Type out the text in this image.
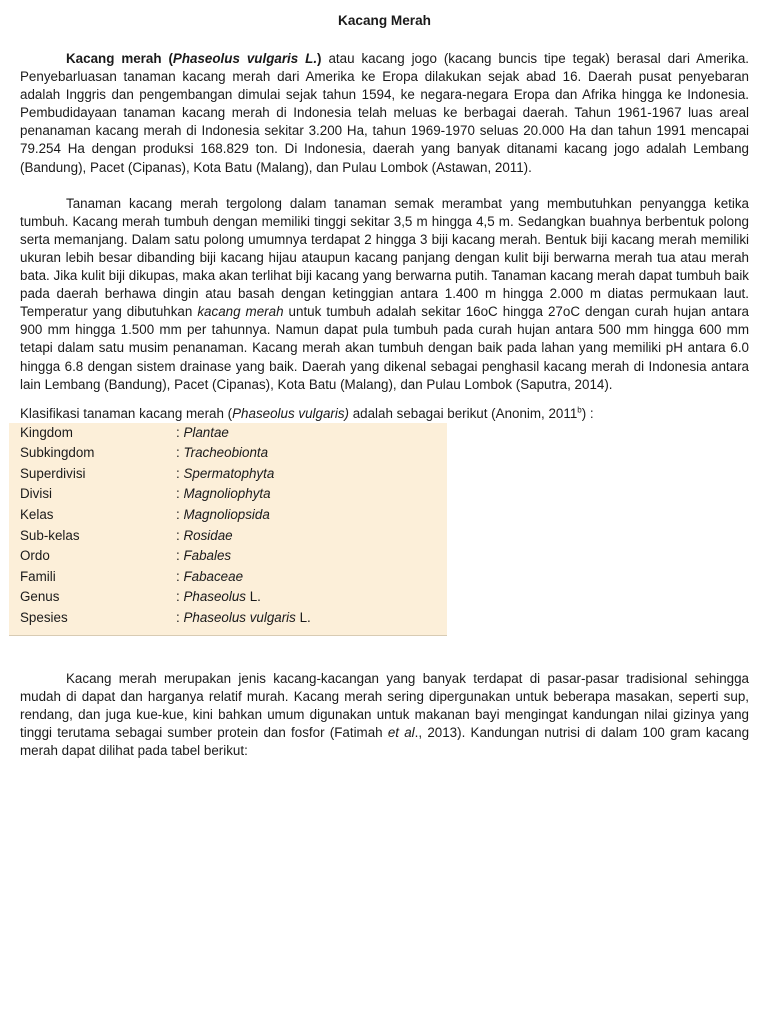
Kacang Merah

Kacang merah (Phaseolus vulgaris L.) atau kacang jogo (kacang buncis tipe tegak) berasal dari Amerika. Penyebarluasan tanaman kacang merah dari Amerika ke Eropa dilakukan sejak abad 16. Daerah pusat penyebaran adalah Inggris dan pengembangan dimulai sejak tahun 1594, ke negara-negara Eropa dan Afrika hingga ke Indonesia. Pembudidayaan tanaman kacang merah di Indonesia telah meluas ke berbagai daerah. Tahun 1961-1967 luas areal penanaman kacang merah di Indonesia sekitar 3.200 Ha, tahun 1969-1970 seluas 20.000 Ha dan tahun 1991 mencapai 79.254 Ha dengan produksi 168.829 ton. Di Indonesia, daerah yang banyak ditanami kacang jogo adalah Lembang (Bandung), Pacet (Cipanas), Kota Batu (Malang), dan Pulau Lombok (Astawan, 2011).

Tanaman kacang merah tergolong dalam tanaman semak merambat yang membutuhkan penyangga ketika tumbuh. Kacang merah tumbuh dengan memiliki tinggi sekitar 3,5 m hingga 4,5 m. Sedangkan buahnya berbentuk polong serta memanjang. Dalam satu polong umumnya terdapat 2 hingga 3 biji kacang merah. Bentuk biji kacang merah memiliki ukuran lebih besar dibanding biji kacang hijau ataupun kacang panjang dengan kulit biji berwarna merah tua atau merah bata. Jika kulit biji dikupas, maka akan terlihat biji kacang yang berwarna putih. Tanaman kacang merah dapat tumbuh baik pada daerah berhawa dingin atau basah dengan ketinggian antara 1.400 m hingga 2.000 m diatas permukaan laut. Temperatur yang dibutuhkan kacang merah untuk tumbuh adalah sekitar 16oC hingga 27oC dengan curah hujan antara 900 mm hingga 1.500 mm per tahunnya. Namun dapat pula tumbuh pada curah hujan antara 500 mm hingga 600 mm tetapi dalam satu musim penanaman. Kacang merah akan tumbuh dengan baik pada lahan yang memiliki pH antara 6.0 hingga 6.8 dengan sistem drainase yang baik. Daerah yang dikenal sebagai penghasil kacang merah di Indonesia antara lain Lembang (Bandung), Pacet (Cipanas), Kota Batu (Malang), dan Pulau Lombok (Saputra, 2014).

Klasifikasi tanaman kacang merah (Phaseolus vulgaris) adalah sebagai berikut (Anonim, 2011$^b$) :

Kingdom	: Plantae
Subkingdom	: Tracheobionta
Superdivisi	: Spermatophyta
Divisi	: Magnoliophyta
Kelas	: Magnoliopsida
Sub-kelas	: Rosidae
Ordo	: Fabales
Famili	: Fabaceae
Genus	: Phaseolus L.
Spesies	: Phaseolus vulgaris L.

Kacang merah merupakan jenis kacang-kacangan yang banyak terdapat di pasar-pasar tradisional sehingga mudah di dapat dan harganya relatif murah. Kacang merah sering dipergunakan untuk beberapa masakan, seperti sup, rendang, dan juga kue-kue, kini bahkan umum digunakan untuk makanan bayi mengingat kandungan nilai gizinya yang tinggi terutama sebagai sumber protein dan fosfor (Fatimah et al., 2013). Kandungan nutrisi di dalam 100 gram kacang merah dapat dilihat pada tabel berikut:
